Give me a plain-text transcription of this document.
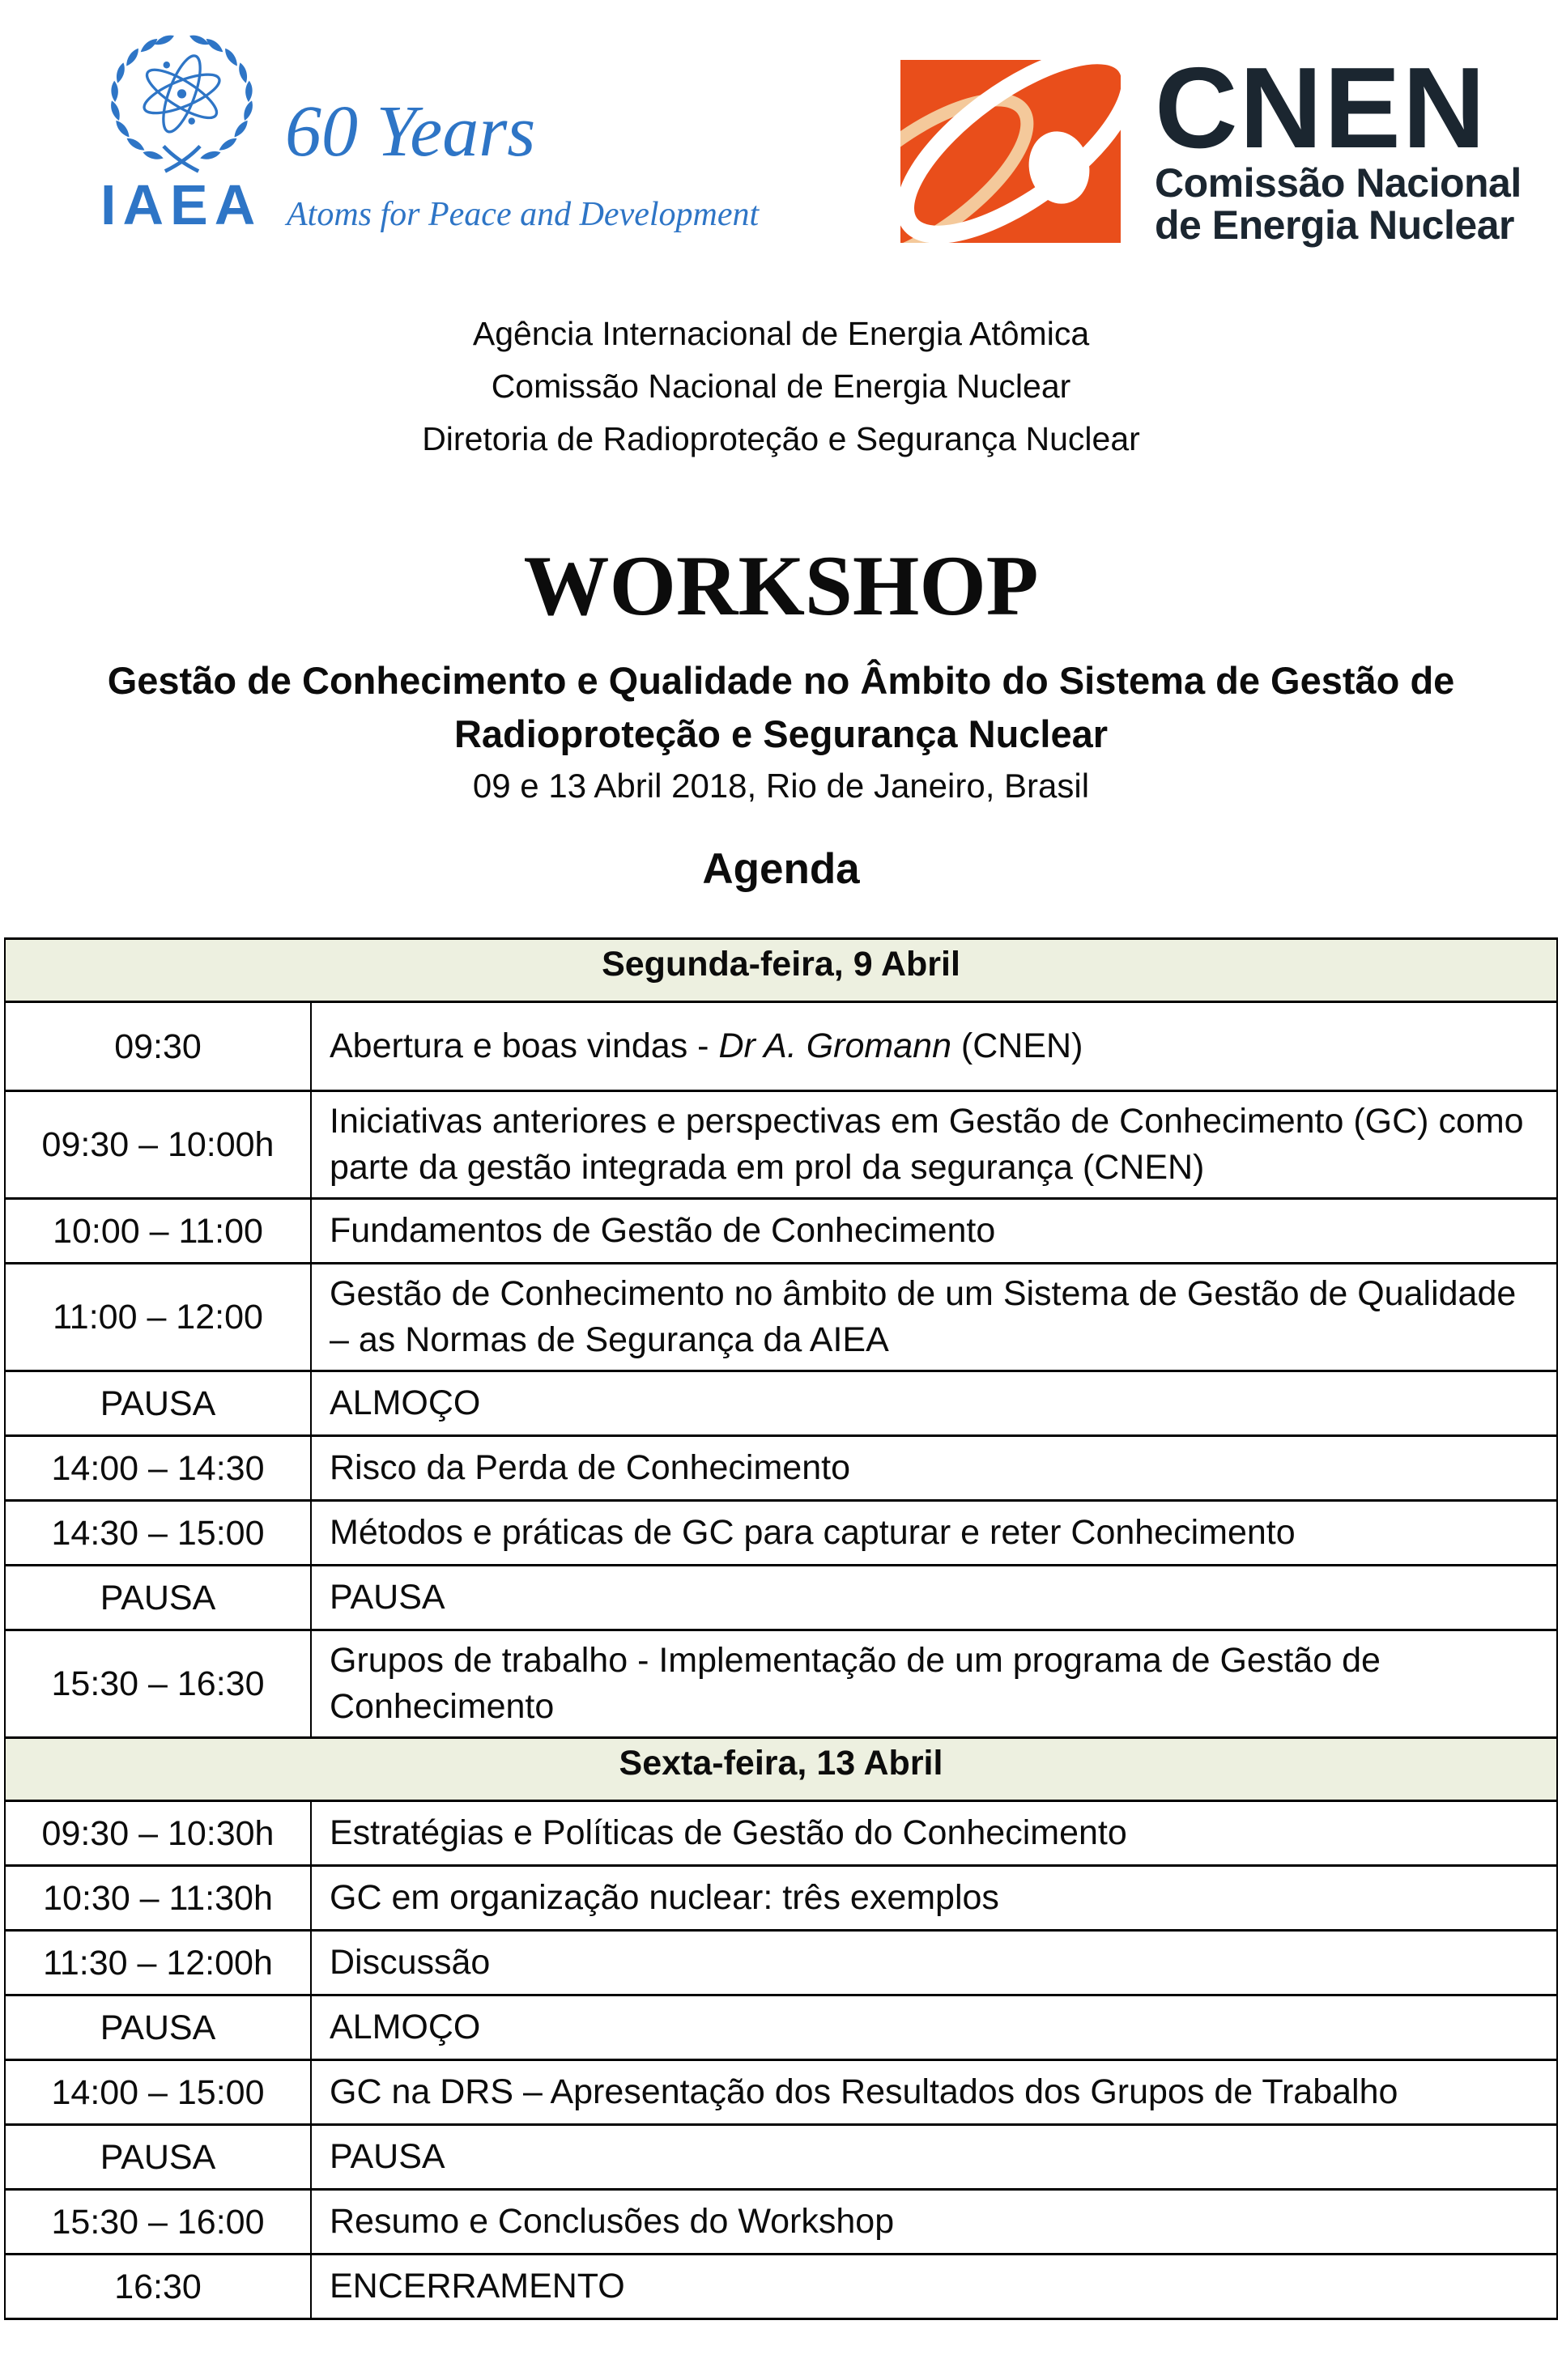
60 Years
IAEA Atoms for Peace and Development
CNEN
Comissão Nacional
de Energia Nuclear
Agência Internacional de Energia Atômica
Comissão Nacional de Energia Nuclear
Diretoria de Radioproteção e Segurança Nuclear
WORKSHOP
Gestão de Conhecimento e Qualidade no Âmbito do Sistema de Gestão de Radioproteção e Segurança Nuclear
09 e 13 Abril 2018, Rio de Janeiro, Brasil
Agenda
Segunda-feira, 9 Abril	
09:30	Abertura e boas vindas - Dr A. Gromann (CNEN)
09:30 – 10:00h	Iniciativas anteriores e perspectivas em Gestão de Conhecimento (GC) como parte da gestão integrada em prol da segurança (CNEN)
10:00 – 11:00	Fundamentos de Gestão de Conhecimento
11:00 – 12:00	Gestão de Conhecimento no âmbito de um Sistema de Gestão de Qualidade – as Normas de Segurança da AIEA
PAUSA	ALMOÇO
14:00 – 14:30	Risco da Perda de Conhecimento
14:30 – 15:00	Métodos e práticas de GC para capturar e reter Conhecimento
PAUSA	PAUSA
15:30 – 16:30	Grupos de trabalho - Implementação de um programa de Gestão de Conhecimento
Sexta-feira, 13 Abril	
09:30 – 10:30h	Estratégias e Políticas de Gestão do Conhecimento
10:30 – 11:30h	GC em organização nuclear: três exemplos
11:30 – 12:00h	Discussão
PAUSA	ALMOÇO
14:00 – 15:00	GC na DRS – Apresentação dos Resultados dos Grupos de Trabalho
PAUSA	PAUSA
15:30 – 16:00	Resumo e Conclusões do Workshop
16:30	ENCERRAMENTO
